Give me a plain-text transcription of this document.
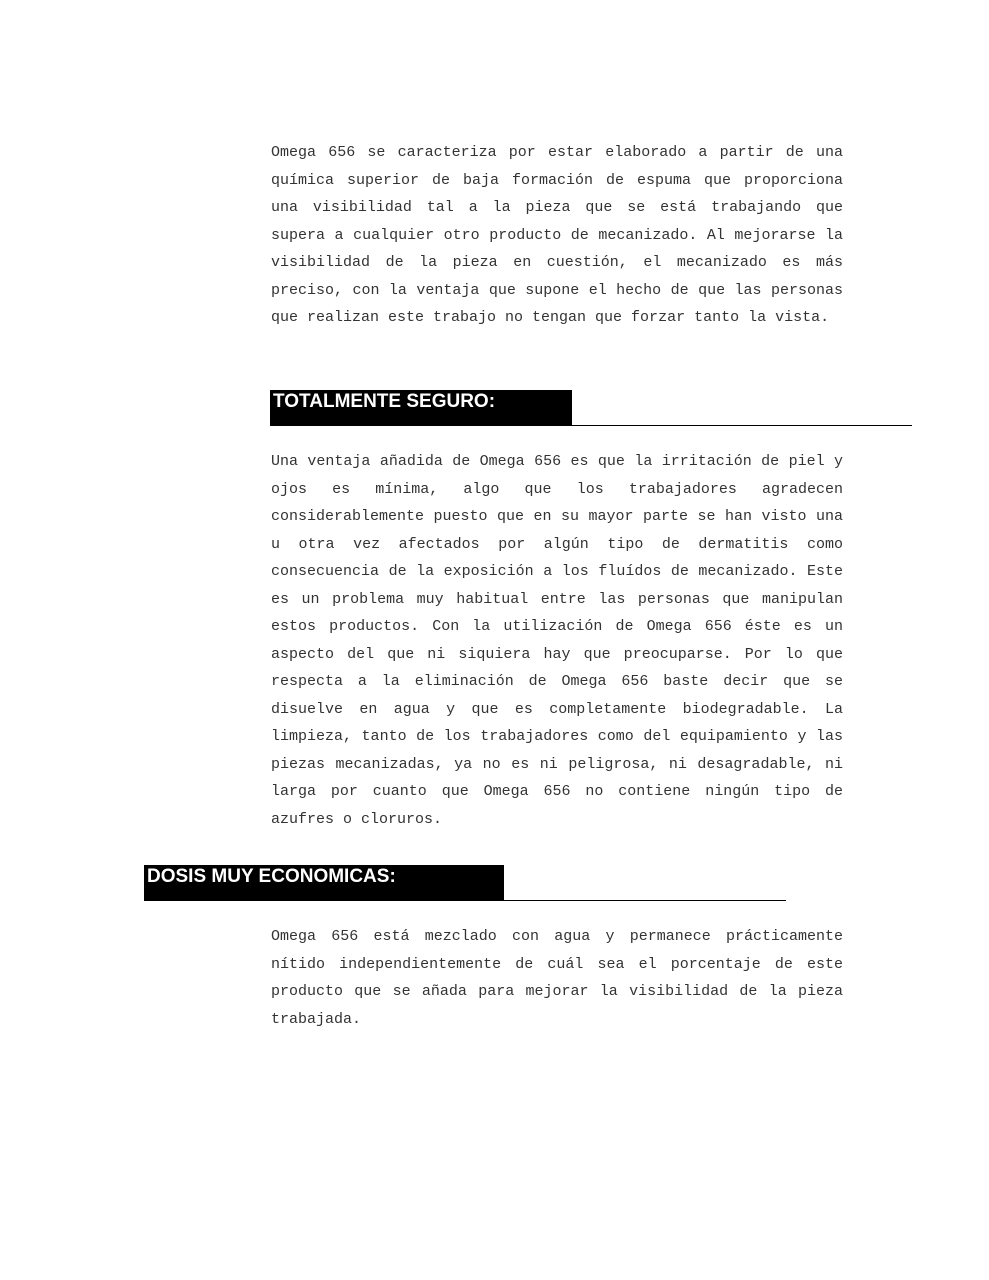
Omega 656 se caracteriza por estar elaborado a partir de una química superior de baja formación de espuma que proporciona una visibilidad tal a la pieza que se está trabajando que supera a cualquier otro producto de mecanizado. Al mejorarse la visibilidad de la pieza en cuestión, el mecanizado es más preciso, con la ventaja que supone el hecho de que las personas que realizan este trabajo no tengan que forzar tanto la vista.

TOTALMENTE SEGURO:

Una ventaja añadida de Omega 656 es que la irritación de piel y ojos es mínima, algo que los trabajadores agradecen considerablemente puesto que en su mayor parte se han visto una u otra vez afectados por algún tipo de dermatitis como consecuencia de la exposición a los fluídos de mecanizado. Este es un problema muy habitual entre las personas que manipulan estos productos. Con la utilización de Omega 656 éste es un aspecto del que ni siquiera hay que preocuparse. Por lo que respecta a la eliminación de Omega 656 baste decir que se disuelve en agua y que es completamente biodegradable. La limpieza, tanto de los trabajadores como del equipamiento y las piezas mecanizadas, ya no es ni peligrosa, ni desagradable, ni larga por cuanto que Omega 656 no contiene ningún tipo de azufres o cloruros.

DOSIS MUY ECONOMICAS:

Omega 656 está mezclado con agua y permanece prácticamente nítido independientemente de cuál sea el porcentaje de este producto que se añada para mejorar la visibilidad de la pieza trabajada.
